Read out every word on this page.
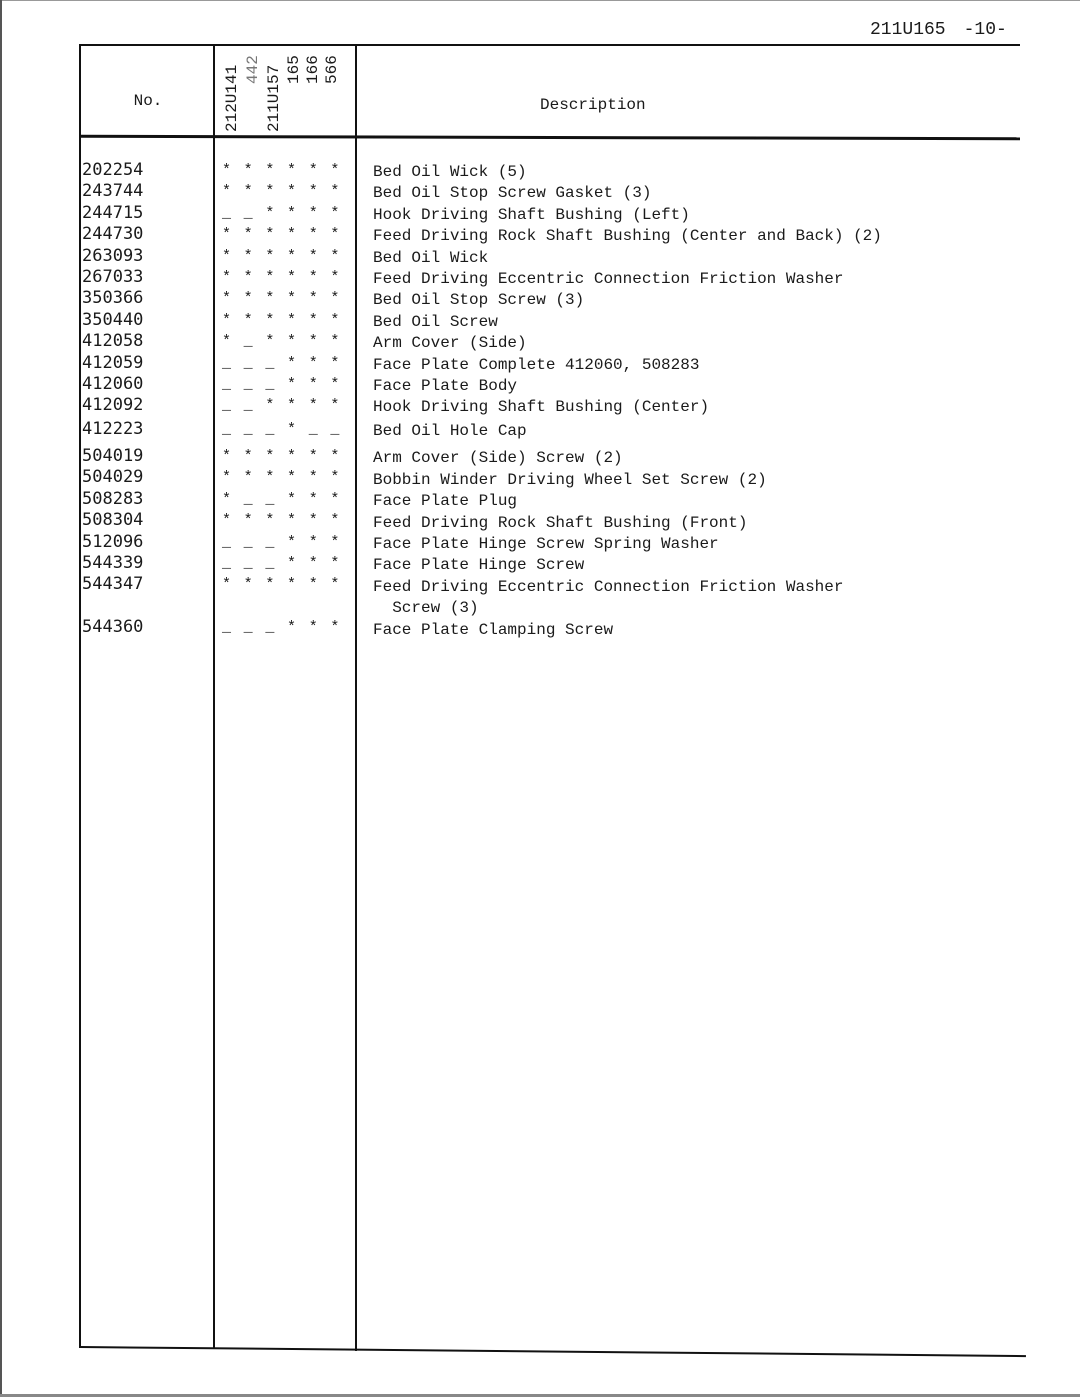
211U165 -10-
No.	212U141 442 211U157 165 166 566
Description
202254
243744
244715
244730
263093
267033
350366
350440
412058
412059
412060
412092
412223
504019
504029
508283
508304
512096
544339
544347
544360
* * * * * *
* * * * * *
_ _ * * * *
* * * * * *
* * * * * *
* * * * * *
* * * * * *
* * * * * *
* _ * * * *
_ _ _ * * *
_ _ _ * * *
_ _ * * * *
_ _ _ * _ _
* * * * * *
* * * * * *
* _ _ * * *
* * * * * *
_ _ _ * * *
_ _ _ * * *
* * * * * *
_ _ _ * * *
Bed Oil Wick (5)
Bed Oil Stop Screw Gasket (3)
Hook Driving Shaft Bushing (Left)
Feed Driving Rock Shaft Bushing (Center and Back) (2)
Bed Oil Wick
Feed Driving Eccentric Connection Friction Washer
Bed Oil Stop Screw (3)
Bed Oil Screw
Arm Cover (Side)
Face Plate Complete 412060, 508283
Face Plate Body
Hook Driving Shaft Bushing (Center)
Bed Oil Hole Cap
Arm Cover (Side) Screw (2)
Bobbin Winder Driving Wheel Set Screw (2)
Face Plate Plug
Feed Driving Rock Shaft Bushing (Front)
Face Plate Hinge Screw Spring Washer
Face Plate Hinge Screw
Feed Driving Eccentric Connection Friction Washer
Screw (3)
Face Plate Clamping Screw
